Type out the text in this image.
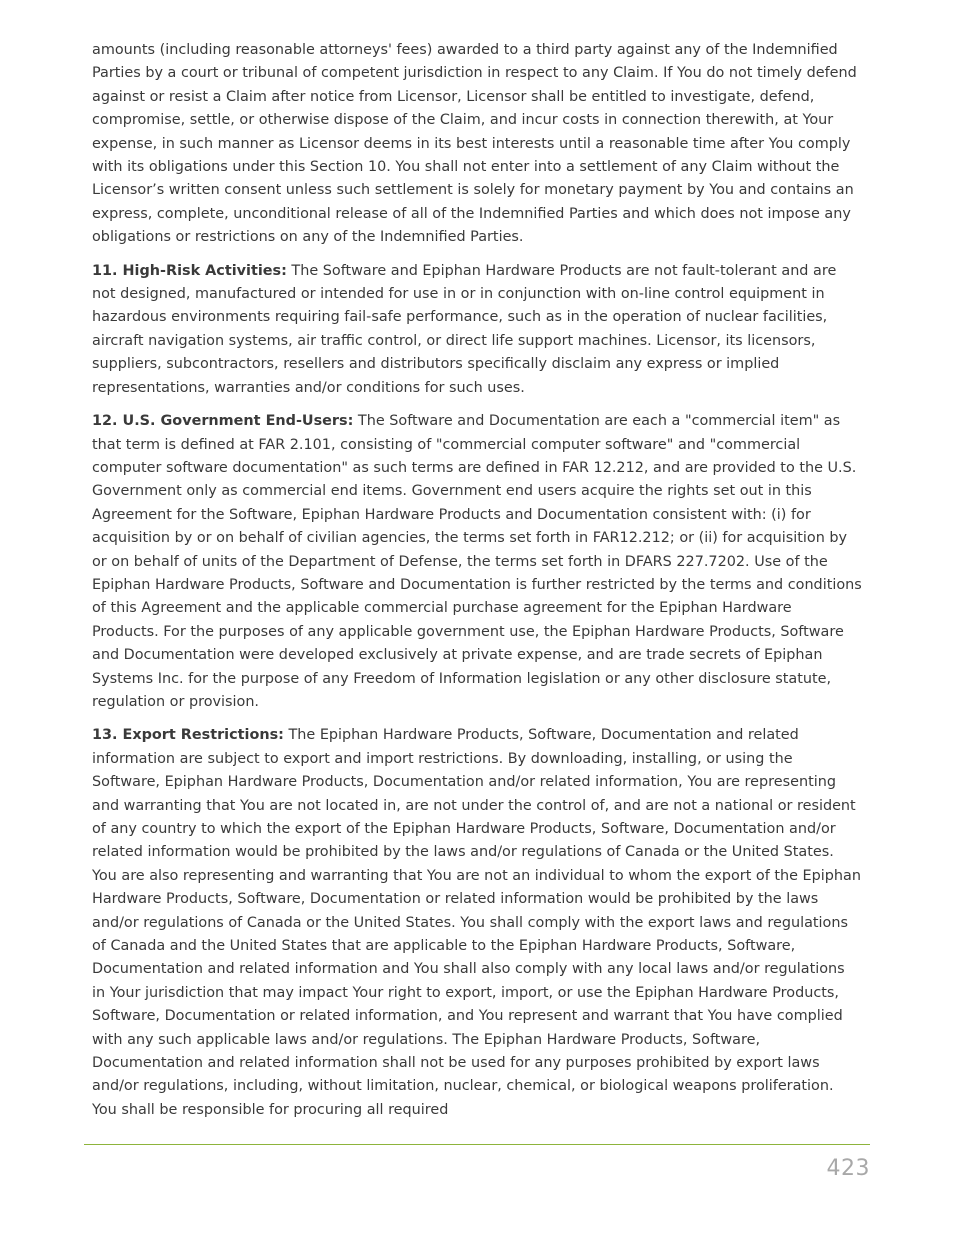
amounts (including reasonable attorneys' fees) awarded to a third party against any of the Indemnified Parties by a court or tribunal of competent jurisdiction in respect to any Claim. If You do not timely defend against or resist a Claim after notice from Licensor, Licensor shall be entitled to investigate, defend, compromise, settle, or otherwise dispose of the Claim, and incur costs in connection therewith, at Your expense, in such manner as Licensor deems in its best interests until a reasonable time after You comply with its obligations under this Section 10. You shall not enter into a settlement of any Claim without the Licensor’s written consent unless such settlement is solely for monetary payment by You and contains an express, complete, unconditional release of all of the Indemnified Parties and which does not impose any obligations or restrictions on any of the Indemnified Parties.

11. High-Risk Activities: The Software and Epiphan Hardware Products are not fault-tolerant and are not designed, manufactured or intended for use in or in conjunction with on-line control equipment in hazardous environments requiring fail-safe performance, such as in the operation of nuclear facilities, aircraft navigation systems, air traffic control, or direct life support machines. Licensor, its licensors, suppliers, subcontractors, resellers and distributors specifically disclaim any express or implied representations, warranties and/or conditions for such uses.

12. U.S. Government End-Users: The Software and Documentation are each a "commercial item" as that term is defined at FAR 2.101, consisting of "commercial computer software" and "commercial computer software documentation" as such terms are defined in FAR 12.212, and are provided to the U.S. Government only as commercial end items. Government end users acquire the rights set out in this Agreement for the Software, Epiphan Hardware Products and Documentation consistent with: (i) for acquisition by or on behalf of civilian agencies, the terms set forth in FAR12.212; or (ii) for acquisition by or on behalf of units of the Department of Defense, the terms set forth in DFARS 227.7202. Use of the Epiphan Hardware Products, Software and Documentation is further restricted by the terms and conditions of this Agreement and the applicable commercial purchase agreement for the Epiphan Hardware Products. For the purposes of any applicable government use, the Epiphan Hardware Products, Software and Documentation were developed exclusively at private expense, and are trade secrets of Epiphan Systems Inc. for the purpose of any Freedom of Information legislation or any other disclosure statute, regulation or provision.

13. Export Restrictions: The Epiphan Hardware Products, Software, Documentation and related information are subject to export and import restrictions. By downloading, installing, or using the Software, Epiphan Hardware Products, Documentation and/or related information, You are representing and warranting that You are not located in, are not under the control of, and are not a national or resident of any country to which the export of the Epiphan Hardware Products, Software, Documentation and/or related information would be prohibited by the laws and/or regulations of Canada or the United States. You are also representing and warranting that You are not an individual to whom the export of the Epiphan Hardware Products, Software, Documentation or related information would be prohibited by the laws and/or regulations of Canada or the United States. You shall comply with the export laws and regulations of Canada and the United States that are applicable to the Epiphan Hardware Products, Software, Documentation and related information and You shall also comply with any local laws and/or regulations in Your jurisdiction that may impact Your right to export, import, or use the Epiphan Hardware Products, Software, Documentation or related information, and You represent and warrant that You have complied with any such applicable laws and/or regulations. The Epiphan Hardware Products, Software, Documentation and related information shall not be used for any purposes prohibited by export laws and/or regulations, including, without limitation, nuclear, chemical, or biological weapons proliferation. You shall be responsible for procuring all required

423
